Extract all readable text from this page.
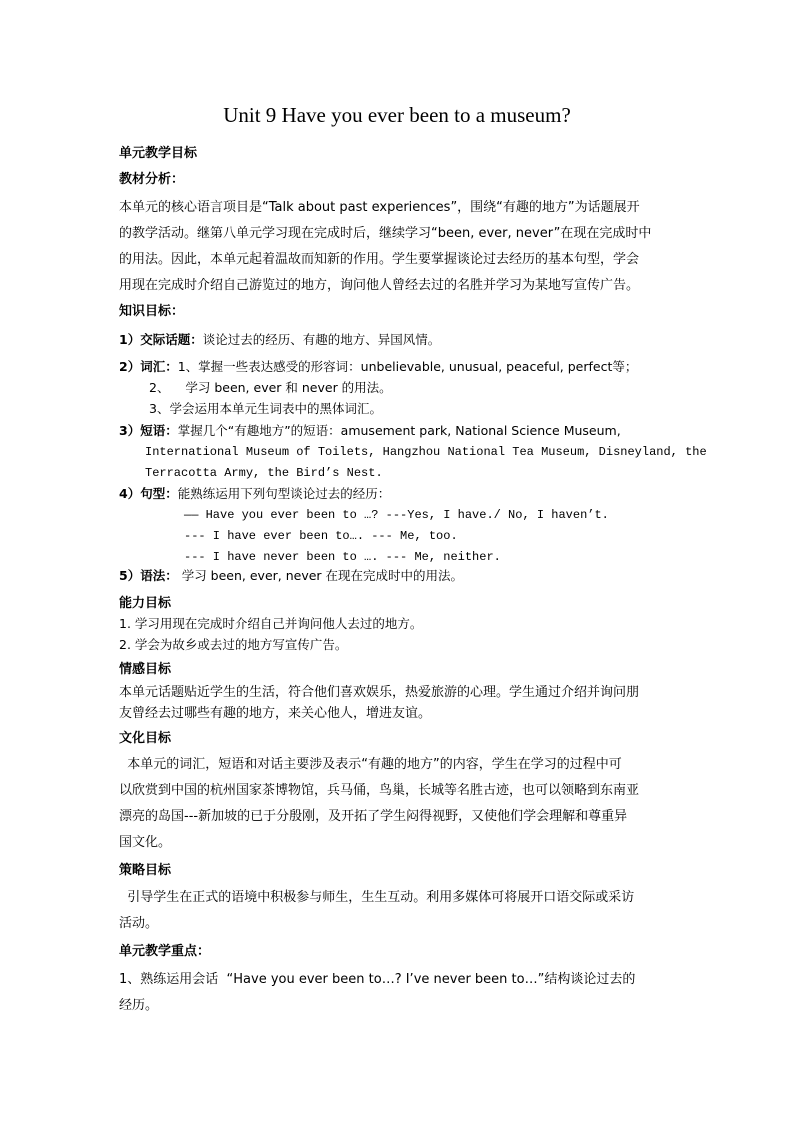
Unit 9 Have you ever been to a museum?
单元教学目标
教材分析：
本单元的核心语言项目是“Talk about past experiences”，围绕“有趣的地方”为话题展开
的教学活动。继第八单元学习现在完成时后，继续学习“been, ever, never”在现在完成时中
的用法。因此，本单元起着温故而知新的作用。学生要掌握谈论过去经历的基本句型，学会
用现在完成时介绍自己游览过的地方，询问他人曾经去过的名胜并学习为某地写宣传广告。
知识目标：
1）交际话题：谈论过去的经历、有趣的地方、异国风情。
2）词汇：1、掌握一些表达感受的形容词：unbelievable, unusual, peaceful, perfect等；
2、    学习 been, ever 和 never 的用法。
3、学会运用本单元生词表中的黑体词汇。
3）短语：掌握几个“有趣地方”的短语：amusement park, National Science Museum,
International Museum of Toilets, Hangzhou National Tea Museum, Disneyland, the
Terracotta Army, the Bird’s Nest.
4）句型：能熟练运用下列句型谈论过去的经历：
—— Have you ever been to …? ---Yes, I have./ No, I haven’t.
--- I have ever been to…. --- Me, too.
--- I have never been to …. --- Me, neither.
5）语法： 学习 been, ever, never 在现在完成时中的用法。
能力目标
1. 学习用现在完成时介绍自己并询问他人去过的地方。
2. 学会为故乡或去过的地方写宣传广告。
情感目标
本单元话题贴近学生的生活，符合他们喜欢娱乐，热爱旅游的心理。学生通过介绍并询问朋
友曾经去过哪些有趣的地方，来关心他人，增进友谊。
文化目标
本单元的词汇，短语和对话主要涉及表示“有趣的地方”的内容，学生在学习的过程中可
以欣赏到中国的杭州国家茶博物馆，兵马俑，鸟巢，长城等名胜古迹，也可以领略到东南亚
漂亮的岛国---新加坡的已于分殷刚，及开拓了学生闷得视野，又使他们学会理解和尊重异
国文化。
策略目标
引导学生在正式的语境中积极参与师生，生生互动。利用多媒体可将展开口语交际或采访
活动。
单元教学重点：
1、熟练运用会话  “Have you ever been to…? I’ve never been to…”结构谈论过去的
经历。
